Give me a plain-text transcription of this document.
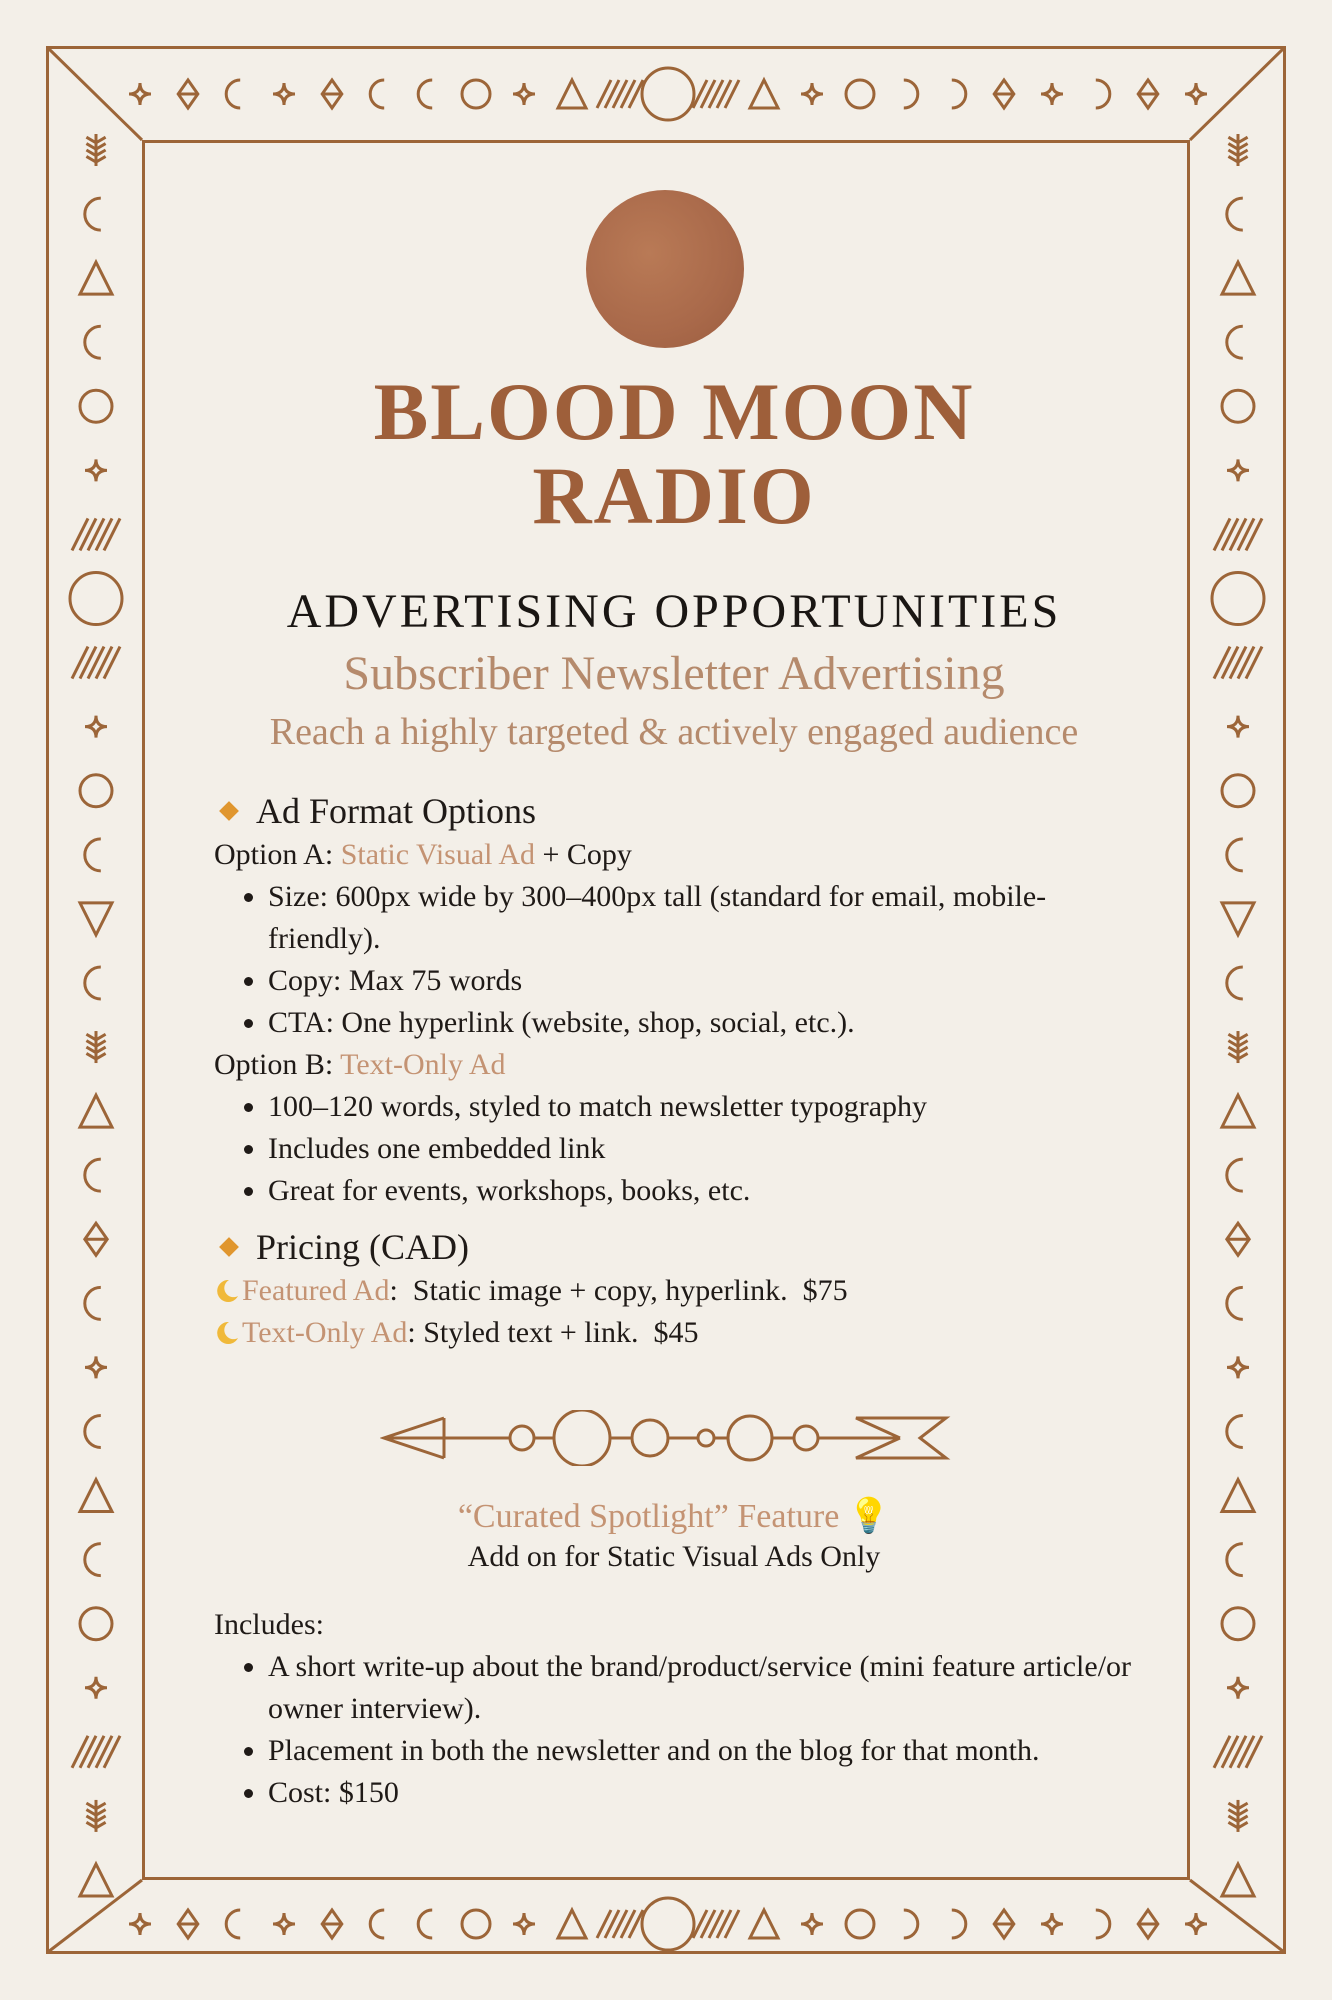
BLOOD MOON
RADIO
ADVERTISING OPPORTUNITIES
Subscriber Newsletter Advertising
Reach a highly targeted & actively engaged audience
Ad Format Options

Option A: Static Visual Ad + Copy

• Size: 600px wide by 300–400px tall (standard for email, mobile-friendly).
• Copy: Max 75 words
• CTA: One hyperlink (website, shop, social, etc.).

Option B: Text-Only Ad

• 100–120 words, styled to match newsletter typography
• Includes one embedded link
• Great for events, workshops, books, etc.
Pricing (CAD)

Featured Ad :  Static image + copy, hyperlink.  $75

Text-Only Ad : Styled text + link.  $45

“Curated Spotlight” Feature 💡
Add on for Static Visual Ads Only

Includes:

• A short write-up about the brand/product/service (mini feature article/or owner interview).
• Placement in both the newsletter and on the blog for that month.
• Cost: $150
